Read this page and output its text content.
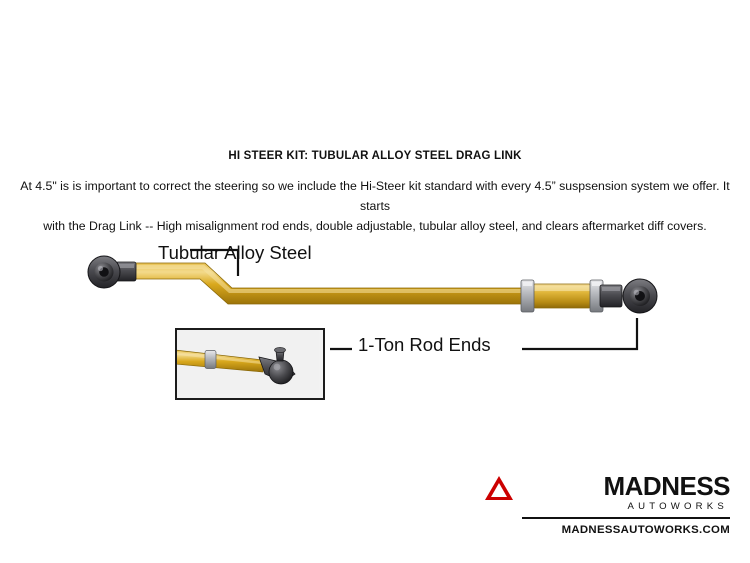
HI STEER KIT: TUBULAR ALLOY STEEL DRAG LINK
At 4.5" is is important to correct the steering so we include the Hi-Steer kit standard with every 4.5” suspsension system we offer. It starts
with the Drag Link -- High misalignment rod ends, double adjustable, tubular alloy steel, and clears aftermarket diff covers.
Tubular Alloy Steel
1-Ton Rod Ends
MADNESS
AUTOWORKS
MADNESSAUTOWORKS.COM
